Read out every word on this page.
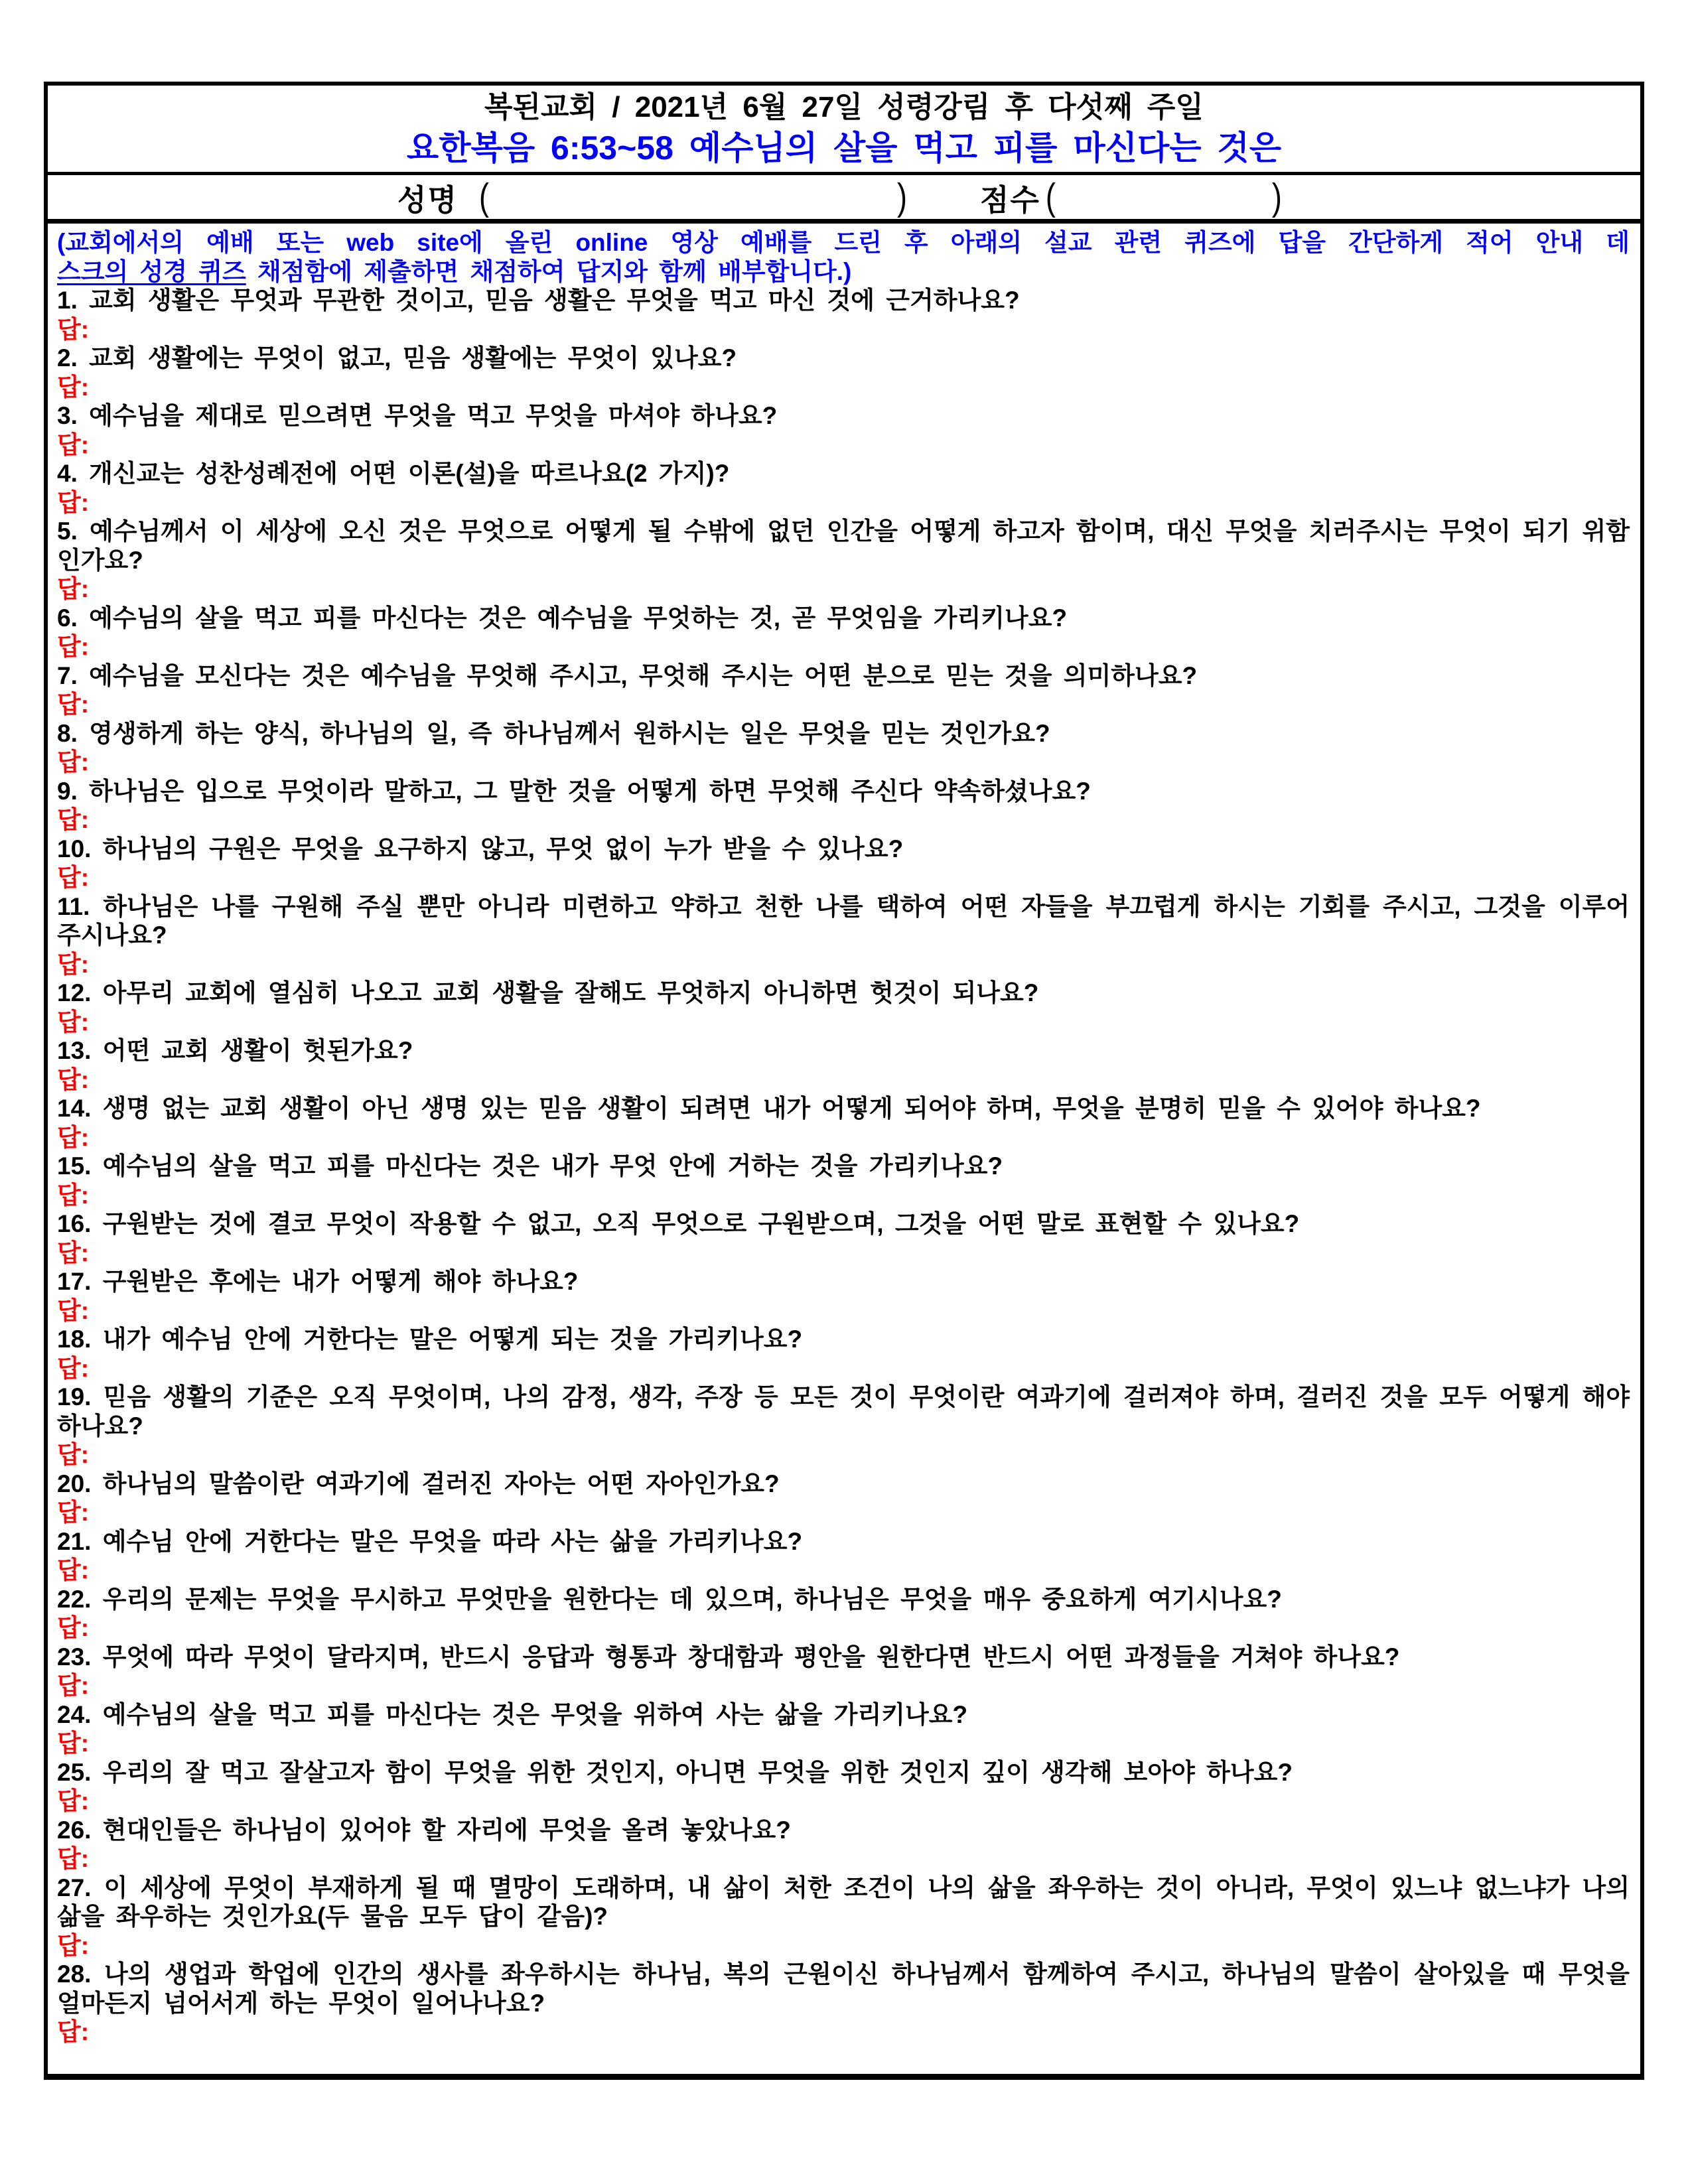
복된교회 / 2021년 6월 27일 성령강림 후 다섯째 주일
요한복음 6:53~58 예수님의 살을 먹고 피를 마신다는 것은
성명 (	) 점수 (	)
(교회에서의 예배 또는 web site에 올린 online 영상 예배를 드린 후 아래의 설교 관련 퀴즈에 답을 간단하게 적어 안내 데
스크의 성경 퀴즈 채점함에 제출하면 채점하여 답지와 함께 배부합니다.)
1. 교회 생활은 무엇과 무관한 것이고, 믿음 생활은 무엇을 먹고 마신 것에 근거하나요?
답:
2. 교회 생활에는 무엇이 없고, 믿음 생활에는 무엇이 있나요?
답:
3. 예수님을 제대로 믿으려면 무엇을 먹고 무엇을 마셔야 하나요?
답:
4. 개신교는 성찬성례전에 어떤 이론(설)을 따르나요(2 가지)?
답:
5. 예수님께서 이 세상에 오신 것은 무엇으로 어떻게 될 수밖에 없던 인간을 어떻게 하고자 함이며, 대신 무엇을 치러주시는 무엇이 되기 위함인가요?
답:
6. 예수님의 살을 먹고 피를 마신다는 것은 예수님을 무엇하는 것, 곧 무엇임을 가리키나요?
답:
7. 예수님을 모신다는 것은 예수님을 무엇해 주시고, 무엇해 주시는 어떤 분으로 믿는 것을 의미하나요?
답:
8. 영생하게 하는 양식, 하나님의 일, 즉 하나님께서 원하시는 일은 무엇을 믿는 것인가요?
답:
9. 하나님은 입으로 무엇이라 말하고, 그 말한 것을 어떻게 하면 무엇해 주신다 약속하셨나요?
답:
10. 하나님의 구원은 무엇을 요구하지 않고, 무엇 없이 누가 받을 수 있나요?
답:
11. 하나님은 나를 구원해 주실 뿐만 아니라 미련하고 약하고 천한 나를 택하여 어떤 자들을 부끄럽게 하시는 기회를 주시고, 그것을 이루어 주시나요?
답:
12. 아무리 교회에 열심히 나오고 교회 생활을 잘해도 무엇하지 아니하면 헛것이 되나요?
답:
13. 어떤 교회 생활이 헛된가요?
답:
14. 생명 없는 교회 생활이 아닌 생명 있는 믿음 생활이 되려면 내가 어떻게 되어야 하며, 무엇을 분명히 믿을 수 있어야 하나요?
답:
15. 예수님의 살을 먹고 피를 마신다는 것은 내가 무엇 안에 거하는 것을 가리키나요?
답:
16. 구원받는 것에 결코 무엇이 작용할 수 없고, 오직 무엇으로 구원받으며, 그것을 어떤 말로 표현할 수 있나요?
답:
17. 구원받은 후에는 내가 어떻게 해야 하나요?
답:
18. 내가 예수님 안에 거한다는 말은 어떻게 되는 것을 가리키나요?
답:
19. 믿음 생활의 기준은 오직 무엇이며, 나의 감정, 생각, 주장 등 모든 것이 무엇이란 여과기에 걸러져야 하며, 걸러진 것을 모두 어떻게 해야 하나요?
답:
20. 하나님의 말씀이란 여과기에 걸러진 자아는 어떤 자아인가요?
답:
21. 예수님 안에 거한다는 말은 무엇을 따라 사는 삶을 가리키나요?
답:
22. 우리의 문제는 무엇을 무시하고 무엇만을 원한다는 데 있으며, 하나님은 무엇을 매우 중요하게 여기시나요?
답:
23. 무엇에 따라 무엇이 달라지며, 반드시 응답과 형통과 창대함과 평안을 원한다면 반드시 어떤 과정들을 거쳐야 하나요?
답:
24. 예수님의 살을 먹고 피를 마신다는 것은 무엇을 위하여 사는 삶을 가리키나요?
답:
25. 우리의 잘 먹고 잘살고자 함이 무엇을 위한 것인지, 아니면 무엇을 위한 것인지 깊이 생각해 보아야 하나요?
답:
26. 현대인들은 하나님이 있어야 할 자리에 무엇을 올려 놓았나요?
답:
27. 이 세상에 무엇이 부재하게 될 때 멸망이 도래하며, 내 삶이 처한 조건이 나의 삶을 좌우하는 것이 아니라, 무엇이 있느냐 없느냐가 나의 삶을 좌우하는 것인가요(두 물음 모두 답이 같음)?
답:
28. 나의 생업과 학업에 인간의 생사를 좌우하시는 하나님, 복의 근원이신 하나님께서 함께하여 주시고, 하나님의 말씀이 살아있을 때 무엇을 얼마든지 넘어서게 하는 무엇이 일어나나요?
답:
